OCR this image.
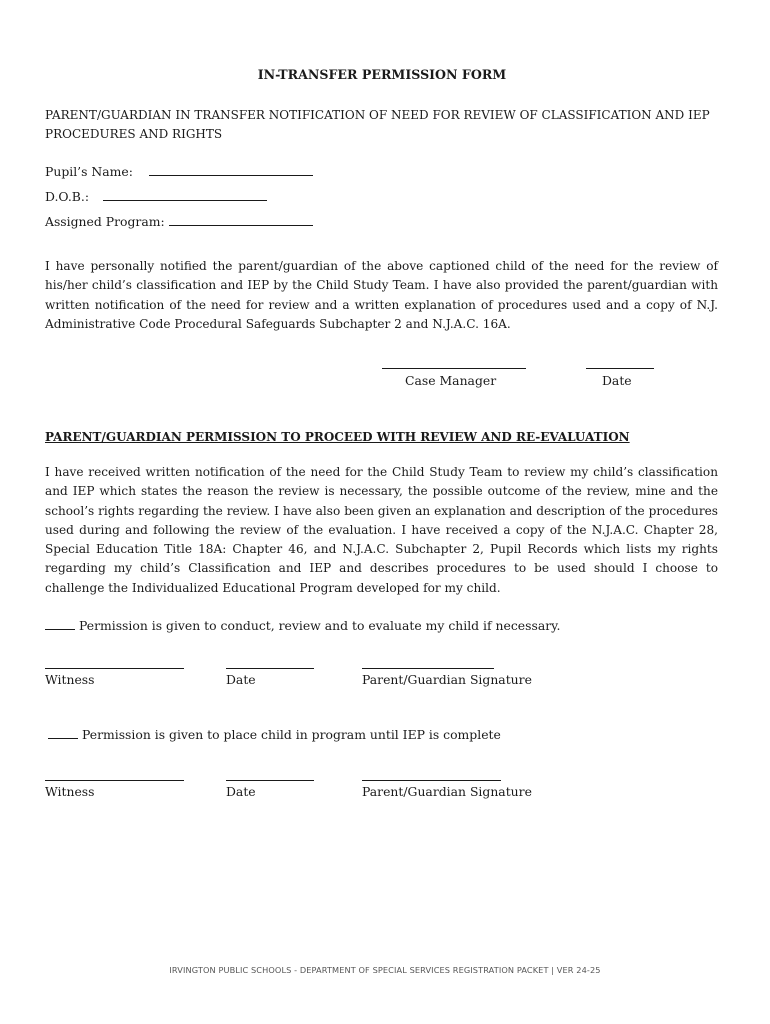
IN-TRANSFER PERMISSION FORM
PARENT/GUARDIAN IN TRANSFER NOTIFICATION OF NEED FOR REVIEW OF CLASSIFICATION AND IEP PROCEDURES AND RIGHTS
Pupil’s Name:
D.O.B.:
Assigned Program:
I have personally notified the parent/guardian of the above captioned child of the need for the review of his/her child’s classification and IEP by the Child Study Team. I have also provided the parent/guardian with written notification of the need for review and a written explanation of procedures used and a copy of N.J. Administrative Code Procedural Safeguards Subchapter 2 and N.J.A.C. 16A.
Case Manager	Date
PARENT/GUARDIAN PERMISSION TO PROCEED WITH REVIEW AND RE-EVALUATION
I have received written notification of the need for the Child Study Team to review my child’s classification and IEP which states the reason the review is necessary, the possible outcome of the review, mine and the school’s rights regarding the review. I have also been given an explanation and description of the procedures used during and following the review of the evaluation. I have received a copy of the N.J.A.C. Chapter 28, Special Education Title 18A: Chapter 46, and N.J.A.C. Subchapter 2, Pupil Records which lists my rights regarding my child’s Classification and IEP and describes procedures to be used should I choose to challenge the Individualized Educational Program developed for my child.
Permission is given to conduct, review and to evaluate my child if necessary.
Witness	Date	Parent/Guardian Signature
Permission is given to place child in program until IEP is complete
Witness	Date	Parent/Guardian Signature
IRVINGTON PUBLIC SCHOOLS - DEPARTMENT OF SPECIAL SERVICES REGISTRATION PACKET | VER 24-25
